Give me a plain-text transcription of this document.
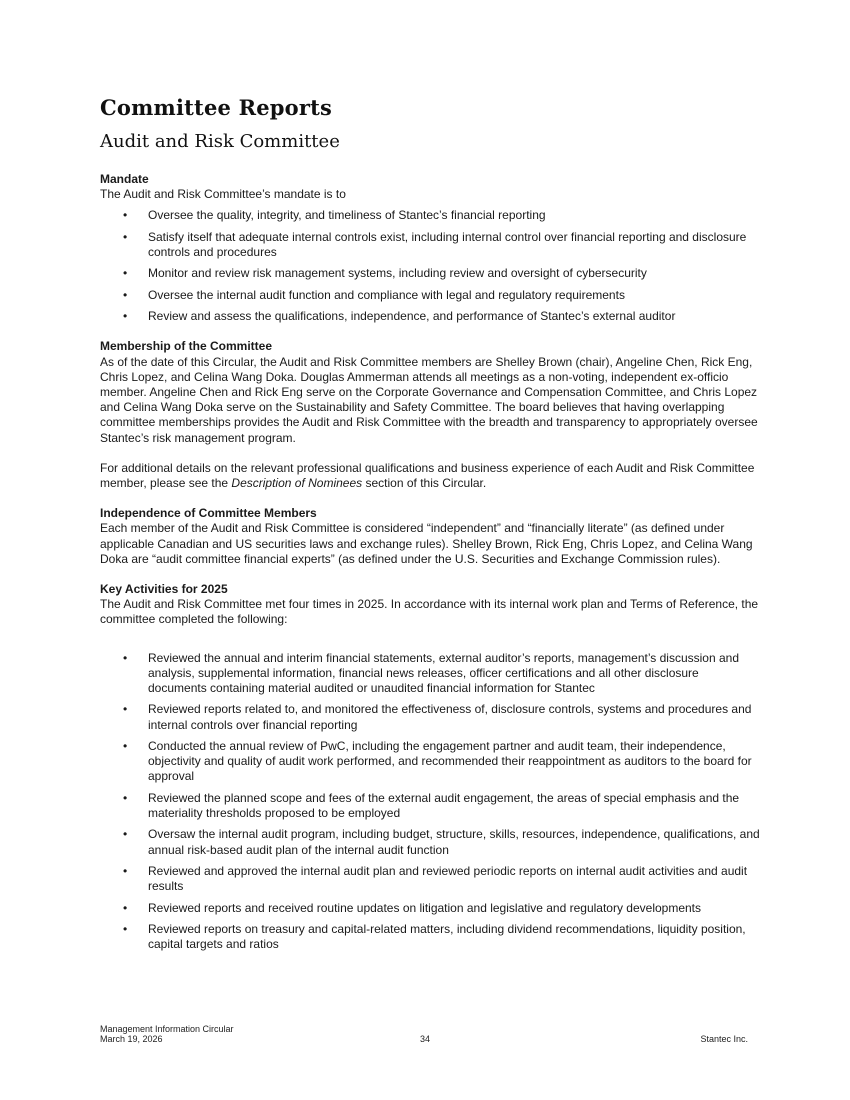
Committee Reports
Audit and Risk Committee
Mandate

The Audit and Risk Committee’s mandate is to

• Oversee the quality, integrity, and timeliness of Stantec’s financial reporting
• Satisfy itself that adequate internal controls exist, including internal control over financial reporting and disclosure controls and procedures
• Monitor and review risk management systems, including review and oversight of cybersecurity
• Oversee the internal audit function and compliance with legal and regulatory requirements
• Review and assess the qualifications, independence, and performance of Stantec’s external auditor
Membership of the Committee

As of the date of this Circular, the Audit and Risk Committee members are Shelley Brown (chair), Angeline Chen, Rick Eng, Chris Lopez, and Celina Wang Doka. Douglas Ammerman attends all meetings as a non-voting, independent ex-officio member. Angeline Chen and Rick Eng serve on the Corporate Governance and Compensation Committee, and Chris Lopez and Celina Wang Doka serve on the Sustainability and Safety Committee. The board believes that having overlapping committee memberships provides the Audit and Risk Committee with the breadth and transparency to appropriately oversee Stantec’s risk management program.

For additional details on the relevant professional qualifications and business experience of each Audit and Risk Committee member, please see the Description of Nominees section of this Circular.

Independence of Committee Members

Each member of the Audit and Risk Committee is considered “independent” and “financially literate” (as defined under applicable Canadian and US securities laws and exchange rules). Shelley Brown, Rick Eng, Chris Lopez, and Celina Wang Doka are “audit committee financial experts” (as defined under the U.S. Securities and Exchange Commission rules).

Key Activities for 2025

The Audit and Risk Committee met four times in 2025. In accordance with its internal work plan and Terms of Reference, the committee completed the following:

• Reviewed the annual and interim financial statements, external auditor’s reports, management’s discussion and analysis, supplemental information, financial news releases, officer certifications and all other disclosure documents containing material audited or unaudited financial information for Stantec
• Reviewed reports related to, and monitored the effectiveness of, disclosure controls, systems and procedures and internal controls over financial reporting
• Conducted the annual review of PwC, including the engagement partner and audit team, their independence, objectivity and quality of audit work performed, and recommended their reappointment as auditors to the board for approval
• Reviewed the planned scope and fees of the external audit engagement, the areas of special emphasis and the materiality thresholds proposed to be employed
• Oversaw the internal audit program, including budget, structure, skills, resources, independence, qualifications, and annual risk-based audit plan of the internal audit function
• Reviewed and approved the internal audit plan and reviewed periodic reports on internal audit activities and audit results
• Reviewed reports and received routine updates on litigation and legislative and regulatory developments
• Reviewed reports on treasury and capital-related matters, including dividend recommendations, liquidity position, capital targets and ratios
Management Information Circular
March 19, 2026	34	Stantec Inc.
